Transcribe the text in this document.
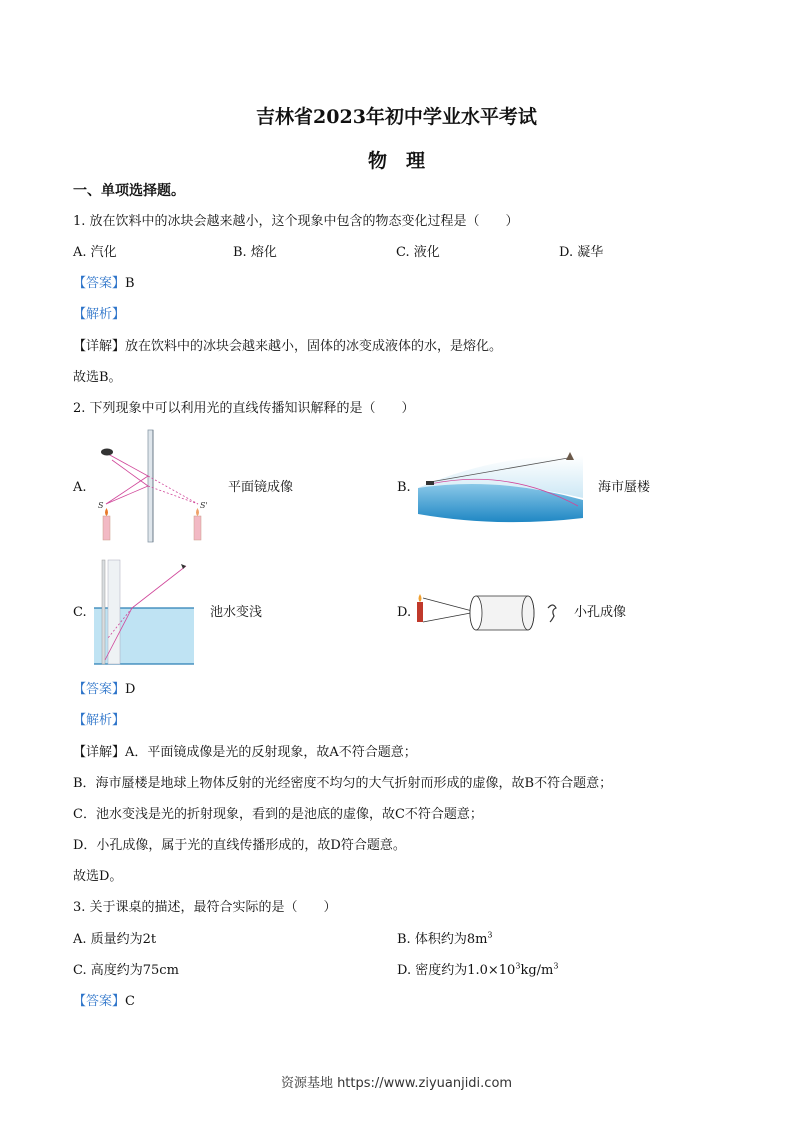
吉林省2023年初中学业水平考试
物　理
一、单项选择题。
1. 放在饮料中的冰块会越来越小，这个现象中包含的物态变化过程是（　　）
A. 汽化	B. 熔化	C. 液化	D. 凝华
【答案】B
【解析】
【详解】放在饮料中的冰块会越来越小，固体的冰变成液体的水，是熔化。
故选B。
2. 下列现象中可以利用光的直线传播知识解释的是（　　）
A.
S	S'
平面镜成像	B.	海市蜃楼
C.	池水变浅	D.	小孔成像
【答案】D
【解析】
【详解】A．平面镜成像是光的反射现象，故A不符合题意；
B．海市蜃楼是地球上物体反射的光经密度不均匀的大气折射而形成的虚像，故B不符合题意；
C．池水变浅是光的折射现象，看到的是池底的虚像，故C不符合题意；
D．小孔成像，属于光的直线传播形成的，故D符合题意。
故选D。
3. 关于课桌的描述，最符合实际的是（　　）
A. 质量约为2t	B. 体积约为$8m^3$
C. 高度约为75cm	D. 密度约为$1.0\times 10^3kg/m^3$
【答案】C
资源基地 https://www.ziyuanjidi.com
